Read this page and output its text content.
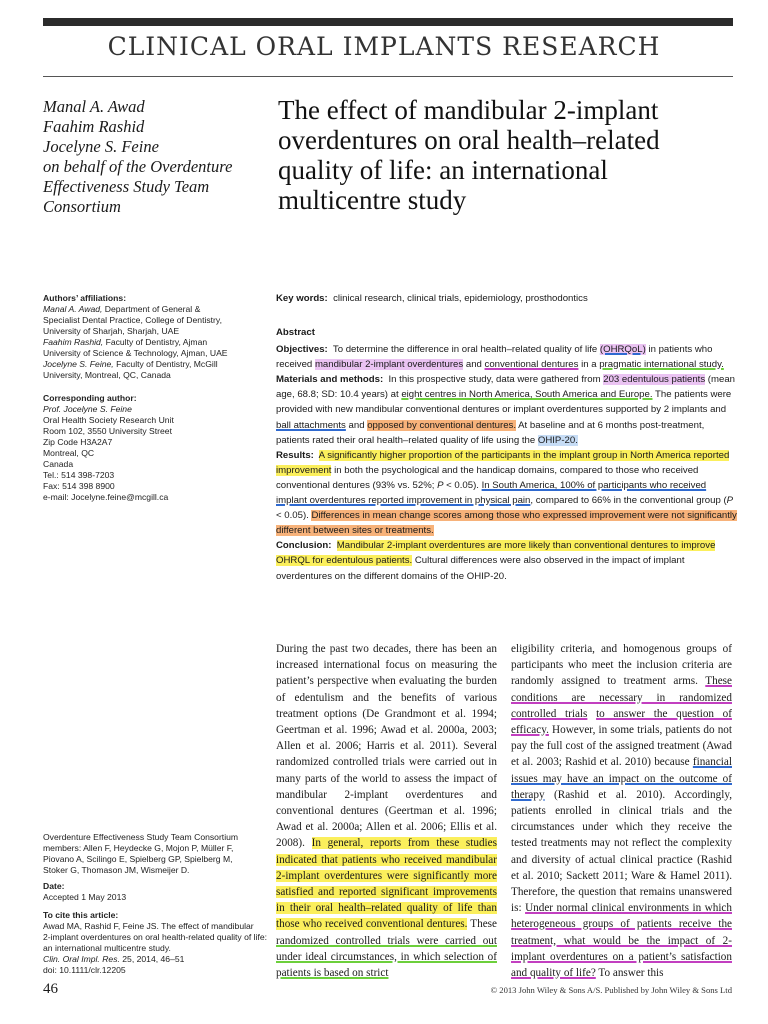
CLINICAL ORAL IMPLANTS RESEARCH
Manal A. Awad
Faahim Rashid
Jocelyne S. Feine
on behalf of the Overdenture
Effectiveness Study Team
Consortium
The effect of mandibular 2-implant overdentures on oral health–related quality of life: an international multicentre study
Authors’ affiliations:
Manal A. Awad, Department of General &
Specialist Dental Practice, College of Dentistry,
University of Sharjah, Sharjah, UAE
Faahim Rashid, Faculty of Dentistry, Ajman
University of Science & Technology, Ajman, UAE
Jocelyne S. Feine, Faculty of Dentistry, McGill
University, Montreal, QC, Canada
Corresponding author:
Prof. Jocelyne S. Feine
Oral Health Society Research Unit
Room 102, 3550 University Street
Zip Code H3A2A7
Montreal, QC
Canada
Tel.: 514 398-7203
Fax: 514 398 8900
e-mail: Jocelyne.feine@mcgill.ca
Overdenture Effectiveness Study Team Consortium
members: Allen F, Heydecke G, Mojon P, Müller F,
Piovano A, Scilingo E, Spielberg GP, Spielberg M,
Stoker G, Thomason JM, Wismeijer D.
Date:
Accepted 1 May 2013
To cite this article:
Awad MA, Rashid F, Feine JS. The effect of mandibular
2-implant overdentures on oral health-related quality of life:
an international multicentre study.
Clin. Oral Impl. Res. 25, 2014, 46–51
doi: 10.1111/clr.12205
Key words: clinical research, clinical trials, epidemiology, prosthodontics
Abstract
Objectives: To determine the difference in oral health–related quality of life (OHRQoL) in patients who received mandibular 2-implant overdentures and conventional dentures in a pragmatic international study.
Materials and methods: In this prospective study, data were gathered from 203 edentulous patients (mean age, 68.8; SD: 10.4 years) at eight centres in North America, South America and Europe. The patients were provided with new mandibular conventional dentures or implant overdentures supported by 2 implants and ball attachments and opposed by conventional dentures. At baseline and at 6 months post-treatment, patients rated their oral health–related quality of life using the OHIP-20.
Results: A significantly higher proportion of the participants in the implant group in North America reported improvement in both the psychological and the handicap domains, compared to those who received conventional dentures (93% vs. 52%; P < 0.05). In South America, 100% of participants who received implant overdentures reported improvement in physical pain, compared to 66% in the conventional group (P < 0.05). Differences in mean change scores among those who expressed improvement were not significantly different between sites or treatments.
Conclusion: Mandibular 2-implant overdentures are more likely than conventional dentures to improve OHRQL for edentulous patients. Cultural differences were also observed in the impact of implant overdentures on the different domains of the OHIP-20.
During the past two decades, there has been an increased international focus on measuring the patient’s perspective when evaluating the burden of edentulism and the benefits of various treatment options (De Grandmont et al. 1994; Geertman et al. 1996; Awad et al. 2000a, 2003; Allen et al. 2006; Harris et al. 2011). Several randomized controlled trials were carried out in many parts of the world to assess the impact of mandibular 2-implant overdentures and conventional dentures (Geertman et al. 1996; Awad et al. 2000a; Allen et al. 2006; Ellis et al. 2008). In general, reports from these studies indicated that patients who received mandibular 2-implant overdentures were significantly more satisfied and reported significant improvements in their oral health–related quality of life than those who received conventional dentures. These randomized controlled trials were carried out under ideal circumstances, in which selection of patients is based on strict
eligibility criteria, and homogenous groups of participants who meet the inclusion criteria are randomly assigned to treatment arms. These conditions are necessary in randomized controlled trials to answer the question of efficacy. However, in some trials, patients do not pay the full cost of the assigned treatment (Awad et al. 2003; Rashid et al. 2010) because financial issues may have an impact on the outcome of therapy (Rashid et al. 2010). Accordingly, patients enrolled in clinical trials and the circumstances under which they receive the tested treatments may not reflect the complexity and diversity of actual clinical practice (Rashid et al. 2010; Sackett 2011; Ware & Hamel 2011). Therefore, the question that remains unanswered is: Under normal clinical environments in which heterogeneous groups of patients receive the treatment, what would be the impact of 2-implant overdentures on a patient’s satisfaction and quality of life? To answer this
46	© 2013 John Wiley & Sons A/S. Published by John Wiley & Sons Ltd
